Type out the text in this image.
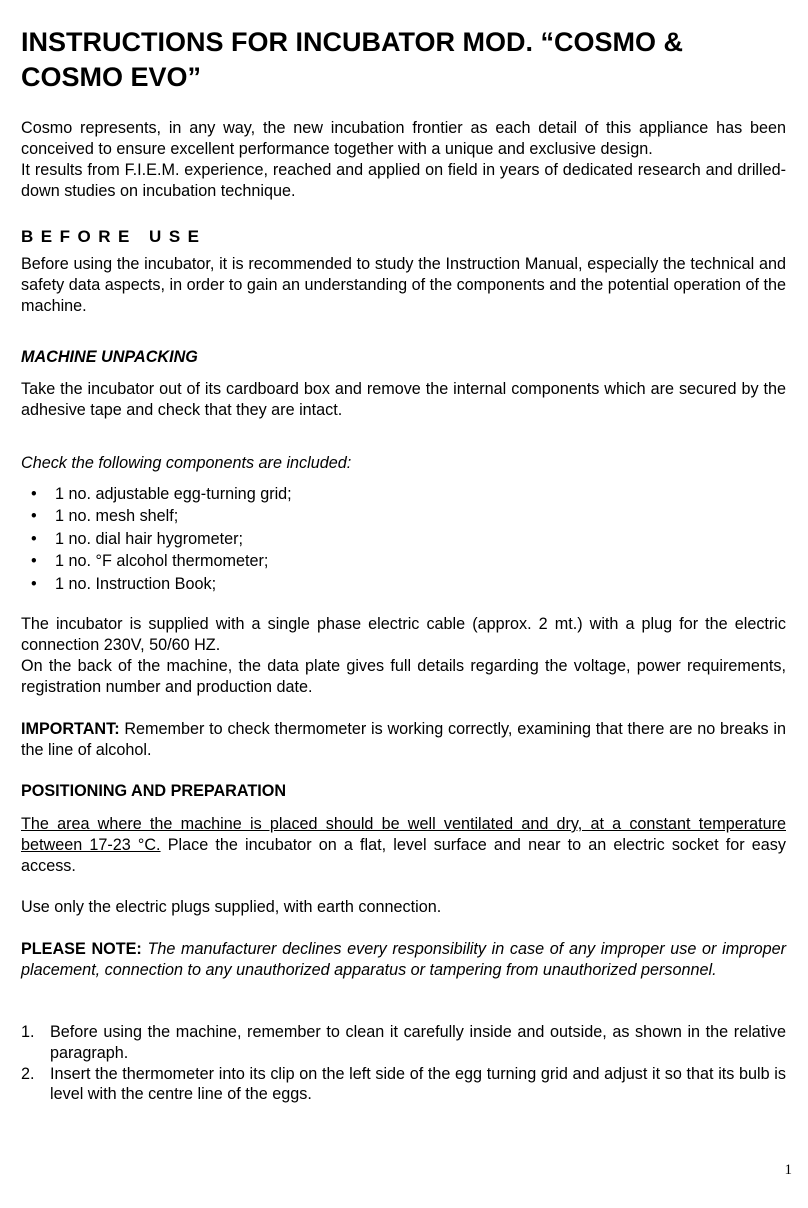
INSTRUCTIONS FOR INCUBATOR MOD. “COSMO & COSMO EVO”

Cosmo represents, in any way, the new incubation frontier as each detail of this appliance has been conceived to ensure excellent performance together with a unique and exclusive design.

It results from F.I.E.M. experience, reached and applied on field in years of dedicated research and drilled-down studies on incubation technique.

BEFORE USE

Before using the incubator, it is recommended to study the Instruction Manual, especially the technical and safety data aspects, in order to gain an understanding of the components and the potential operation of the machine.

MACHINE UNPACKING

Take the incubator out of its cardboard box and remove the internal components which are secured by the adhesive tape and check that they are intact.

Check the following components are included:

• 1 no. adjustable egg-turning grid;
• 1 no. mesh shelf;
• 1 no. dial hair hygrometer;
• 1 no. °F alcohol thermometer;
• 1 no. Instruction Book;

The incubator is supplied with a single phase electric cable (approx. 2 mt.) with a plug for the electric connection 230V, 50/60 HZ.

On the back of the machine, the data plate gives full details regarding the voltage, power requirements, registration number and production date.

IMPORTANT: Remember to check thermometer is working correctly, examining that there are no breaks in the line of alcohol.

POSITIONING AND PREPARATION

The area where the machine is placed should be well ventilated and dry, at a constant temperature between 17-23 °C. Place the incubator on a flat, level surface and near to an electric socket for easy access.

Use only the electric plugs supplied, with earth connection.

PLEASE NOTE: The manufacturer declines every responsibility in case of any improper use or improper placement, connection to any unauthorized apparatus or tampering from unauthorized personnel.

1. Before using the machine, remember to clean it carefully inside and outside, as shown in the relative paragraph.
2. Insert the thermometer into its clip on the left side of the egg turning grid and adjust it so that its bulb is level with the centre line of the eggs.
1
